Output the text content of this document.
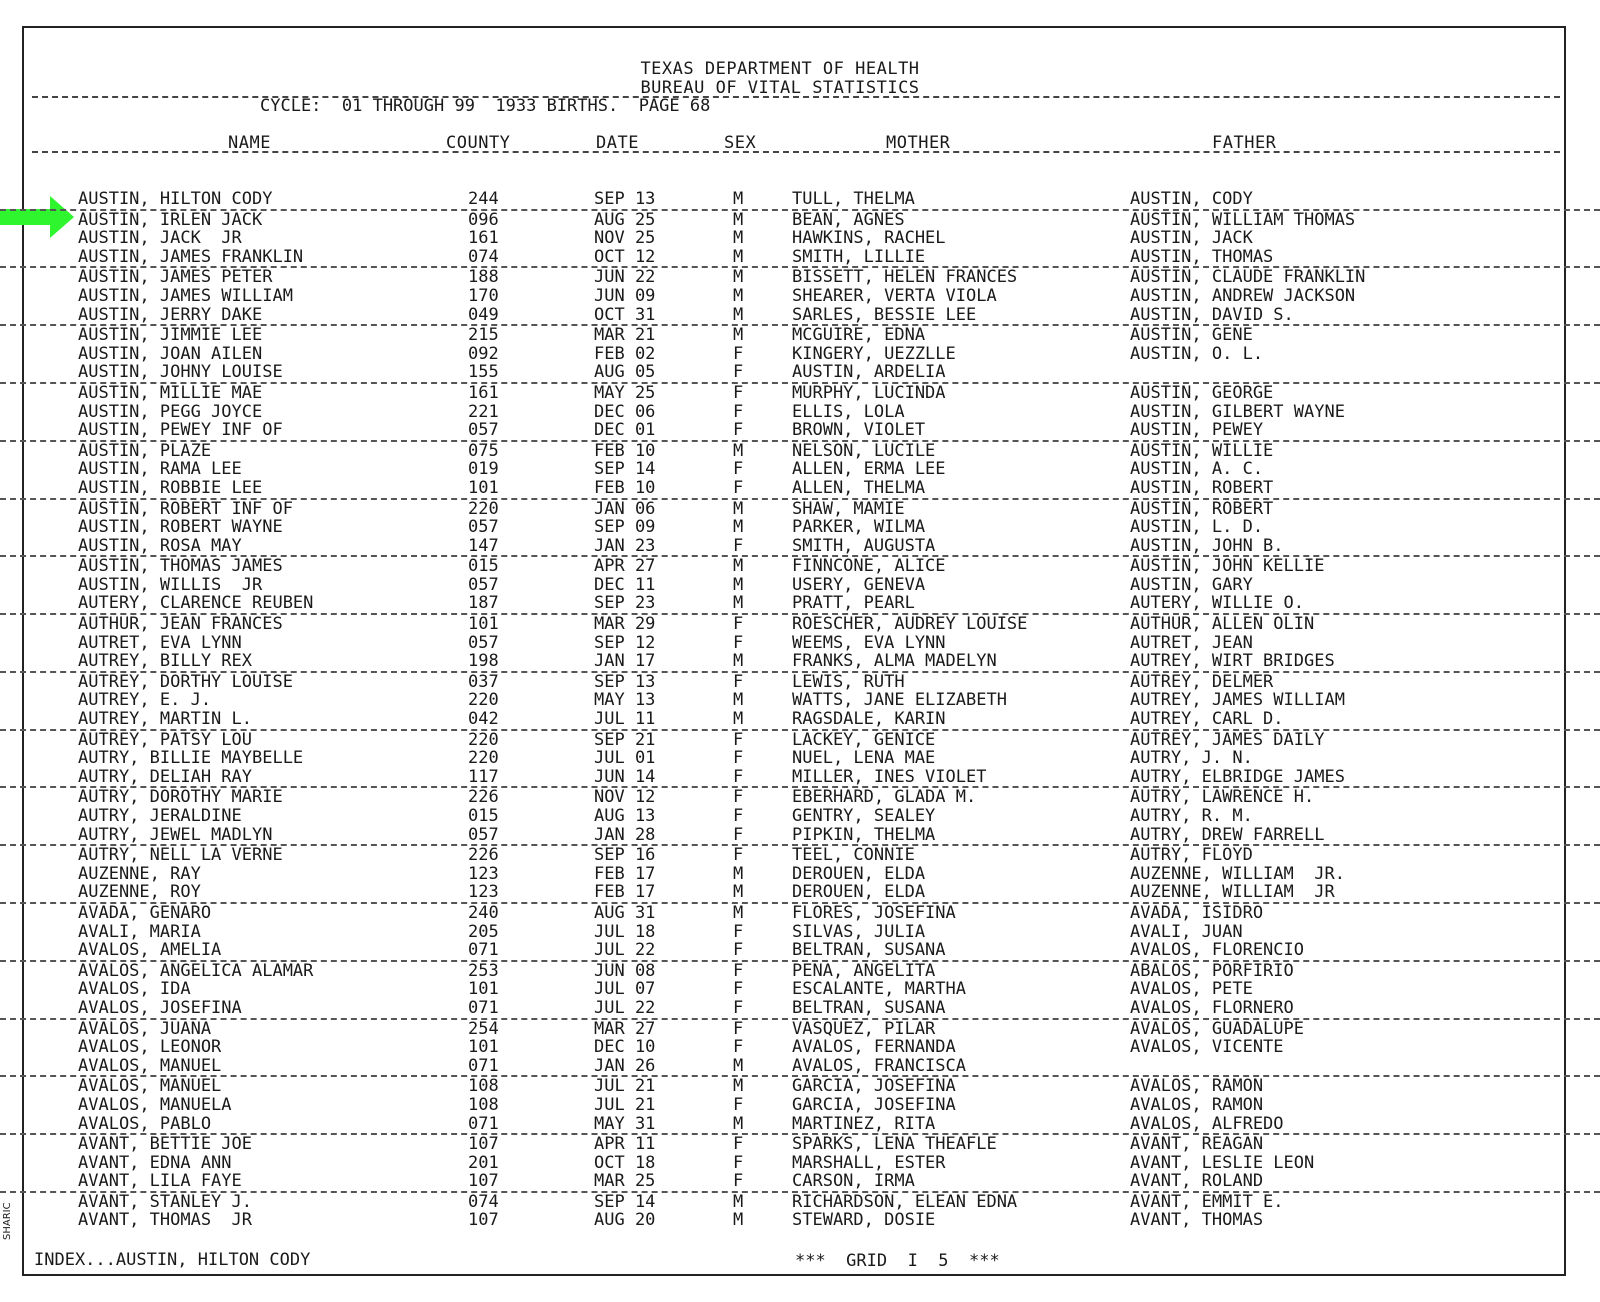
TEXAS DEPARTMENT OF HEALTH
BUREAU OF VITAL STATISTICS
CYCLE:  01 THROUGH 99  1933 BIRTHS.  PAGE 68
NAME	COUNTY	DATE	SEX	MOTHER	FATHER
AUSTIN, HILTON CODY	244	SEP 13	M	TULL, THELMA	AUSTIN, CODY
AUSTIN, IRLEN JACK	096	AUG 25	M	BEAN, AGNES	AUSTIN, WILLIAM THOMAS
AUSTIN, JACK  JR	161	NOV 25	M	HAWKINS, RACHEL	AUSTIN, JACK
AUSTIN, JAMES FRANKLIN	074	OCT 12	M	SMITH, LILLIE	AUSTIN, THOMAS
AUSTIN, JAMES PETER	188	JUN 22	M	BISSETT, HELEN FRANCES	AUSTIN, CLAUDE FRANKLIN
AUSTIN, JAMES WILLIAM	170	JUN 09	M	SHEARER, VERTA VIOLA	AUSTIN, ANDREW JACKSON
AUSTIN, JERRY DAKE	049	OCT 31	M	SARLES, BESSIE LEE	AUSTIN, DAVID S.
AUSTIN, JIMMIE LEE	215	MAR 21	M	MCGUIRE, EDNA	AUSTIN, GENE
AUSTIN, JOAN AILEN	092	FEB 02	F	KINGERY, UEZZLLE	AUSTIN, O. L.
AUSTIN, JOHNY LOUISE	155	AUG 05	F	AUSTIN, ARDELIA
AUSTIN, MILLIE MAE	161	MAY 25	F	MURPHY, LUCINDA	AUSTIN, GEORGE
AUSTIN, PEGG JOYCE	221	DEC 06	F	ELLIS, LOLA	AUSTIN, GILBERT WAYNE
AUSTIN, PEWEY INF OF	057	DEC 01	F	BROWN, VIOLET	AUSTIN, PEWEY
AUSTIN, PLAZE	075	FEB 10	M	NELSON, LUCILE	AUSTIN, WILLIE
AUSTIN, RAMA LEE	019	SEP 14	F	ALLEN, ERMA LEE	AUSTIN, A. C.
AUSTIN, ROBBIE LEE	101	FEB 10	F	ALLEN, THELMA	AUSTIN, ROBERT
AUSTIN, ROBERT INF OF	220	JAN 06	M	SHAW, MAMIE	AUSTIN, ROBERT
AUSTIN, ROBERT WAYNE	057	SEP 09	M	PARKER, WILMA	AUSTIN, L. D.
AUSTIN, ROSA MAY	147	JAN 23	F	SMITH, AUGUSTA	AUSTIN, JOHN B.
AUSTIN, THOMAS JAMES	015	APR 27	M	FINNCONE, ALICE	AUSTIN, JOHN KELLIE
AUSTIN, WILLIS  JR	057	DEC 11	M	USERY, GENEVA	AUSTIN, GARY
AUTERY, CLARENCE REUBEN	187	SEP 23	M	PRATT, PEARL	AUTERY, WILLIE O.
AUTHUR, JEAN FRANCES	101	MAR 29	F	ROESCHER, AUDREY LOUISE	AUTHUR, ALLEN OLIN
AUTRET, EVA LYNN	057	SEP 12	F	WEEMS, EVA LYNN	AUTRET, JEAN
AUTREY, BILLY REX	198	JAN 17	M	FRANKS, ALMA MADELYN	AUTREY, WIRT BRIDGES
AUTREY, DORTHY LOUISE	037	SEP 13	F	LEWIS, RUTH	AUTREY, DELMER
AUTREY, E. J.	220	MAY 13	M	WATTS, JANE ELIZABETH	AUTREY, JAMES WILLIAM
AUTREY, MARTIN L.	042	JUL 11	M	RAGSDALE, KARIN	AUTREY, CARL D.
AUTREY, PATSY LOU	220	SEP 21	F	LACKEY, GENICE	AUTREY, JAMES DAILY
AUTRY, BILLIE MAYBELLE	220	JUL 01	F	NUEL, LENA MAE	AUTRY, J. N.
AUTRY, DELIAH RAY	117	JUN 14	F	MILLER, INES VIOLET	AUTRY, ELBRIDGE JAMES
AUTRY, DOROTHY MARIE	226	NOV 12	F	EBERHARD, GLADA M.	AUTRY, LAWRENCE H.
AUTRY, JERALDINE	015	AUG 13	F	GENTRY, SEALEY	AUTRY, R. M.
AUTRY, JEWEL MADLYN	057	JAN 28	F	PIPKIN, THELMA	AUTRY, DREW FARRELL
AUTRY, NELL LA VERNE	226	SEP 16	F	TEEL, CONNIE	AUTRY, FLOYD
AUZENNE, RAY	123	FEB 17	M	DEROUEN, ELDA	AUZENNE, WILLIAM  JR.
AUZENNE, ROY	123	FEB 17	M	DEROUEN, ELDA	AUZENNE, WILLIAM  JR
AVADA, GENARO	240	AUG 31	M	FLORES, JOSEFINA	AVADA, ISIDRO
AVALI, MARIA	205	JUL 18	F	SILVAS, JULIA	AVALI, JUAN
AVALOS, AMELIA	071	JUL 22	F	BELTRAN, SUSANA	AVALOS, FLORENCIO
AVALOS, ANGELICA ALAMAR	253	JUN 08	F	PENA, ANGELITA	ABALOS, PORFIRIO
AVALOS, IDA	101	JUL 07	F	ESCALANTE, MARTHA	AVALOS, PETE
AVALOS, JOSEFINA	071	JUL 22	F	BELTRAN, SUSANA	AVALOS, FLORNERO
AVALOS, JUANA	254	MAR 27	F	VASQUEZ, PILAR	AVALOS, GUADALUPE
AVALOS, LEONOR	101	DEC 10	F	AVALOS, FERNANDA	AVALOS, VICENTE
AVALOS, MANUEL	071	JAN 26	M	AVALOS, FRANCISCA
AVALOS, MANUEL	108	JUL 21	M	GARCIA, JOSEFINA	AVALOS, RAMON
AVALOS, MANUELA	108	JUL 21	F	GARCIA, JOSEFINA	AVALOS, RAMON
AVALOS, PABLO	071	MAY 31	M	MARTINEZ, RITA	AVALOS, ALFREDO
AVANT, BETTIE JOE	107	APR 11	F	SPARKS, LENA THEAFLE	AVANT, REAGAN
AVANT, EDNA ANN	201	OCT 18	F	MARSHALL, ESTER	AVANT, LESLIE LEON
AVANT, LILA FAYE	107	MAR 25	F	CARSON, IRMA	AVANT, ROLAND
AVANT, STANLEY J.	074	SEP 14	M	RICHARDSON, ELEAN EDNA	AVANT, EMMIT E.
AVANT, THOMAS  JR	107	AUG 20	M	STEWARD, DOSIE	AVANT, THOMAS
INDEX...AUSTIN, HILTON CODY	***  GRID  I  5  ***
SHARIC
